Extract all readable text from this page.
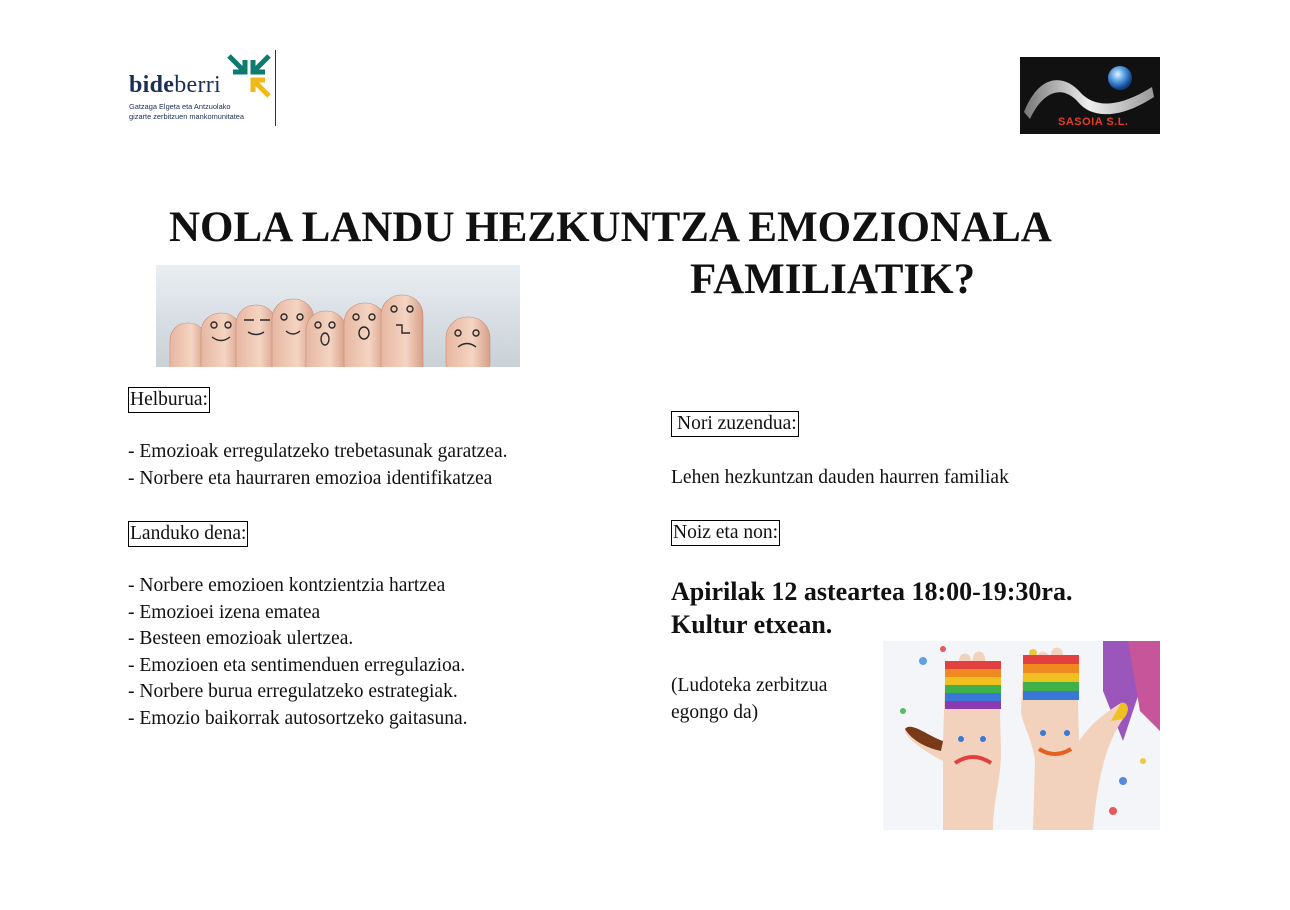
bideberri
Gatzaga Elgeta eta Antzuolako
gizarte zerbitzuen mankomunitatea	SASOIA S.L.
NOLA LANDU HEZKUNTZA EMOZIONALA
FAMILIATIK?
Helburua:
- Emozioak erregulatzeko trebetasunak garatzea.
- Norbere eta haurraren emozioa identifikatzea
Landuko dena:
- Norbere emozioen kontzientzia hartzea
- Emozioei izena ematea
- Besteen emozioak ulertzea.
- Emozioen eta sentimenduen erregulazioa.
- Norbere burua erregulatzeko estrategiak.
- Emozio baikorrak autosortzeko gaitasuna.
Nori zuzendua:
Lehen hezkuntzan dauden haurren familiak
Noiz eta non:
Apirilak 12 asteartea 18:00-19:30ra.
Kultur etxean.
(Ludoteka zerbitzua
egongo da)
